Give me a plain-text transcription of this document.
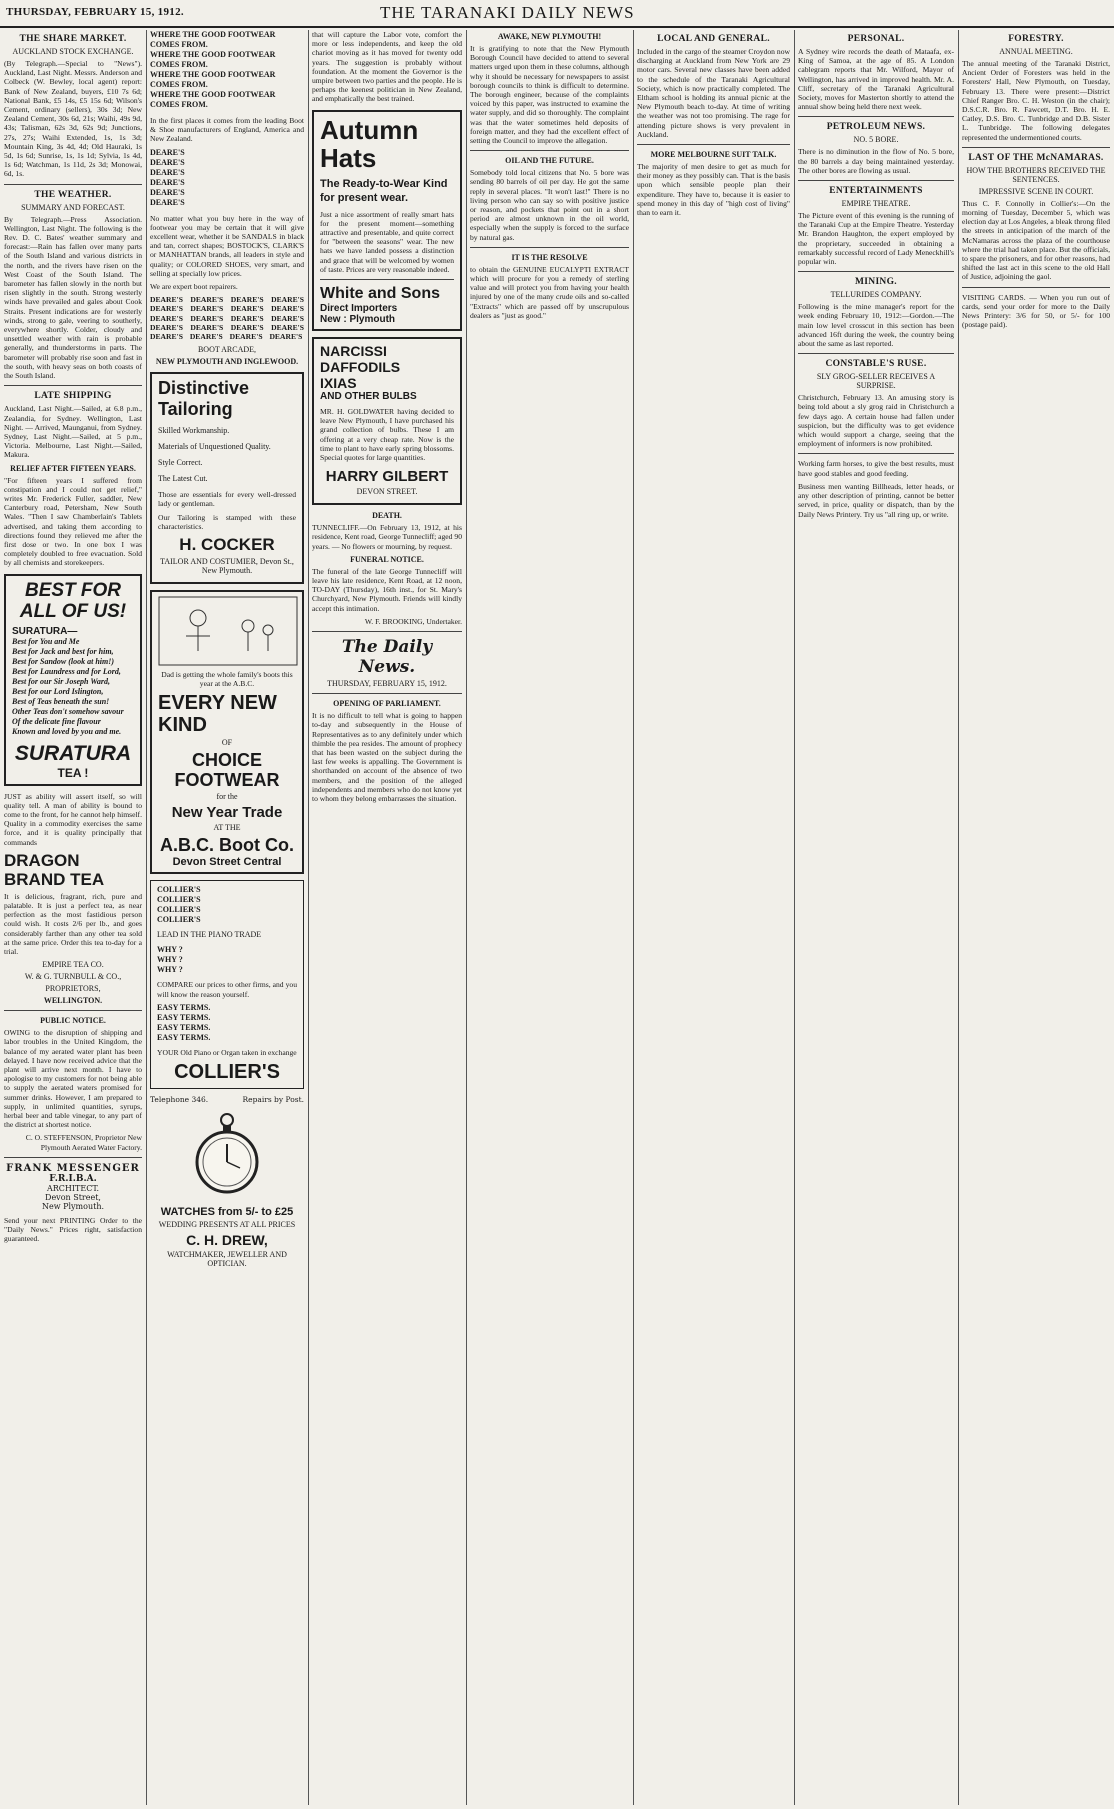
THURSDAY, FEBRUARY 15, 1912.	THE TARANAKI DAILY NEWS
THE SHARE MARKET.
AUCKLAND STOCK EXCHANGE.

(By Telegraph.—Special to "News"). Auckland, Last Night. Messrs. Anderson and Colbeck (W. Bewley, local agent) report: Bank of New Zealand, buyers, £10 7s 6d; National Bank, £5 14s, £5 15s 6d; Wilson's Cement, ordinary (sellers), 30s 3d; New Zealand Cement, 30s 6d, 21s; Waihi, 49s 9d, 43s; Talisman, 62s 3d, 62s 9d; Junctions, 27s, 27s; Waihi Extended, 1s, 1s 3d; Mountain King, 3s 4d, 4d; Old Hauraki, 1s 5d, 1s 6d; Sunrise, 1s, 1s 1d; Sylvia, 1s 4d, 1s 6d; Watchman, 1s 11d, 2s 3d; Monowai, 6d, 1s.

THE WEATHER.
SUMMARY AND FORECAST.

By Telegraph.—Press Association. Wellington, Last Night. The following is the Rev. D. C. Bates' weather summary and forecast:—Rain has fallen over many parts of the South Island and various districts in the north, and the rivers have risen on the West Coast of the South Island. The barometer has fallen slowly in the north but risen slightly in the south. Strong westerly winds have prevailed and gales about Cook Straits. Present indications are for westerly winds, strong to gale, veering to southerly, everywhere shortly. Colder, cloudy and unsettled weather with rain is probable generally, and thunderstorms in parts. The barometer will probably rise soon and fast in the south, with heavy seas on both coasts of the South Island.

LATE SHIPPING

Auckland, Last Night.—Sailed, at 6.8 p.m., Zealandia, for Sydney. Wellington, Last Night. — Arrived, Maunganui, from Sydney. Sydney, Last Night.—Sailed, at 5 p.m., Victoria. Melbourne, Last Night.—Sailed, Makura.

RELIEF AFTER FIFTEEN YEARS.

"For fifteen years I suffered from constipation and I could not get relief," writes Mr. Frederick Fuller, saddler, New Canterbury road, Petersham, New South Wales. "Then I saw Chamberlain's Tablets advertised, and taking them according to directions found they relieved me after the first dose or two. In one box I was completely doubled to free evacuation. Sold by all chemists and storekeepers.

BEST FOR ALL OF US!
SURATURA—
Best for You and Me
Best for Jack and best for him,
Best for Sandow (look at him!)
Best for Laundress and for Lord,
Best for our Sir Joseph Ward,
Best for our Lord Islington,
Best of Teas beneath the sun!
Other Teas don't somehow savour
Of the delicate fine flavour
Known and loved by you and me.
SURATURA
TEA !

JUST as ability will assert itself, so will quality tell. A man of ability is bound to come to the front, for he cannot help himself. Quality in a commodity exercises the same force, and it is quality principally that commands

DRAGON BRAND TEA

It is delicious, fragrant, rich, pure and palatable. It is just a perfect tea, as near perfection as the most fastidious person could wish. It costs 2/6 per lb., and goes considerably farther than any other tea sold at the same price. Order this tea to-day for a trial.

EMPIRE TEA CO.
W. & G. TURNBULL & CO.,
PROPRIETORS,
WELLINGTON.
PUBLIC NOTICE.

OWING to the disruption of shipping and labor troubles in the United Kingdom, the balance of my aerated water plant has been delayed. I have now received advice that the plant will arrive next month. I have to apologise to my customers for not being able to supply the aerated waters promised for summer drinks. However, I am prepared to supply, in unlimited quantities, syrups, herbal beer and table vinegar, to any part of the district at shortest notice.

C. O. STEFFENSON, Proprietor New Plymouth Aerated Water Factory.

FRANK MESSENGER
F.R.I.B.A.
ARCHITECT.
Devon Street,
New Plymouth.

Send your next PRINTING Order to the "Daily News." Prices right, satisfaction guaranteed.

WHERE THE GOOD FOOTWEAR COMES FROM.
WHERE THE GOOD FOOTWEAR COMES FROM.
WHERE THE GOOD FOOTWEAR COMES FROM.
WHERE THE GOOD FOOTWEAR COMES FROM.

In the first places it comes from the leading Boot & Shoe manufacturers of England, America and New Zealand.

DEARE'S
DEARE'S
DEARE'S
DEARE'S
DEARE'S
DEARE'S

No matter what you buy here in the way of footwear you may be certain that it will give excellent wear, whether it be SANDALS in black and tan, correct shapes; BOSTOCK'S, CLARK'S or MANHATTAN brands, all leaders in style and quality; or COLORED SHOES, very smart, and selling at specially low prices.

We are expert boot repairers.

DEARE'S DEARE'S DEARE'S DEARE'S DEARE'S DEARE'S DEARE'S DEARE'S DEARE'S DEARE'S DEARE'S DEARE'S DEARE'S DEARE'S DEARE'S DEARE'S DEARE'S DEARE'S DEARE'S DEARE'S

BOOT ARCADE,
NEW PLYMOUTH AND INGLEWOOD.
Distinctive Tailoring
Skilled Workmanship.
Materials of Unquestioned Quality.
Style Correct.
The Latest Cut.

Those are essentials for every well-dressed lady or gentleman.

Our Tailoring is stamped with these characteristics.

H. COCKER
TAILOR AND COSTUMIER, Devon St., New Plymouth.

Dad is getting the whole family's boots this year at the A.B.C.

EVERY NEW KIND
OF
CHOICE FOOTWEAR
for the
New Year Trade
AT THE
A.B.C. Boot Co.
Devon Street Central
COLLIER'S
COLLIER'S
COLLIER'S
COLLIER'S
LEAD IN THE PIANO TRADE
WHY ?
WHY ?
WHY ?

COMPARE our prices to other firms, and you will know the reason yourself.

EASY TERMS.
EASY TERMS.
EASY TERMS.
EASY TERMS.

YOUR Old Piano or Organ taken in exchange

COLLIER'S
Telephone 346.	Repairs by Post.
WATCHES from 5/- to £25
WEDDING PRESENTS AT ALL PRICES
C. H. DREW,
WATCHMAKER, JEWELLER AND OPTICIAN.

that will capture the Labor vote, comfort the more or less independents, and keep the old chariot moving as it has moved for twenty odd years. The suggestion is probably without foundation. At the moment the Governor is the umpire between two parties and the people. He is perhaps the keenest politician in New Zealand, and emphatically the best trained.

Autumn Hats
The Ready-to-Wear Kind for present wear.

Just a nice assortment of really smart hats for the present moment—something attractive and presentable, and quite correct for "between the seasons" wear. The new hats we have landed possess a distinction and grace that will be welcomed by women of taste. Prices are very reasonable indeed.

White and Sons
Direct Importers
New : Plymouth
NARCISSI
DAFFODILS
IXIAS
AND OTHER BULBS

MR. H. GOLDWATER having decided to leave New Plymouth, I have purchased his grand collection of bulbs. These I am offering at a very cheap rate. Now is the time to plant to have early spring blossoms. Special quotes for large quantities.

HARRY GILBERT
DEVON STREET.
DEATH.

TUNNECLIFF.—On February 13, 1912, at his residence, Kent road, George Tunnecliff; aged 90 years. — No flowers or mourning, by request.

FUNERAL NOTICE.

The funeral of the late George Tunnecliff will leave his late residence, Kent Road, at 12 noon, TO-DAY (Thursday), 16th inst., for St. Mary's Churchyard, New Plymouth. Friends will kindly accept this intimation.

W. F. BROOKING, Undertaker.

The Daily News.
THURSDAY, FEBRUARY 15, 1912.
OPENING OF PARLIAMENT.

It is no difficult to tell what is going to happen to-day and subsequently in the House of Representatives as to any definitely under which thimble the pea resides. The amount of prophecy that has been wasted on the subject during the last few weeks is appalling. The Government is shorthanded on account of the absence of two members, and the position of the alleged independents and members who do not know yet to whom they belong embarrasses the situation.

AWAKE, NEW PLYMOUTH!

It is gratifying to note that the New Plymouth Borough Council have decided to attend to several matters urged upon them in these columns, although why it should be necessary for newspapers to assist borough councils to think is difficult to determine. The borough engineer, because of the complaints voiced by this paper, was instructed to examine the water supply, and did so thoroughly. The complaint was that the water sometimes held deposits of foreign matter, and they had the excellent effect of setting the Council to improve the allegation.

OIL AND THE FUTURE.

Somebody told local citizens that No. 5 bore was sending 80 barrels of oil per day. He got the same reply in several places. "It won't last!" There is no living person who can say so with positive justice or reason, and pockets that point out in a short period are almost unknown in the oil world, especially when the supply is forced to the surface by natural gas.

IT IS THE RESOLVE

to obtain the GENUINE EUCALYPTI EXTRACT which will procure for you a remedy of sterling value and will protect you from having your health injured by one of the many crude oils and so-called "Extracts" which are passed off by unscrupulous dealers as "just as good."

LOCAL AND GENERAL.

Included in the cargo of the steamer Croydon now discharging at Auckland from New York are 29 motor cars. Several new classes have been added to the schedule of the Taranaki Agricultural Society, which is now practically completed. The Eltham school is holding its annual picnic at the New Plymouth beach to-day. At time of writing the weather was not too promising. The rage for attending picture shows is very prevalent in Auckland.

MORE MELBOURNE SUIT TALK.

The majority of men desire to get as much for their money as they possibly can. That is the basis upon which sensible people plan their expenditure. They have to, because it is easier to spend money in this day of "high cost of living" than to earn it.

PERSONAL.

A Sydney wire records the death of Mataafa, ex-King of Samoa, at the age of 85. A London cablegram reports that Mr. Wilford, Mayor of Wellington, has arrived in improved health. Mr. A. Cliff, secretary of the Taranaki Agricultural Society, moves for Masterton shortly to attend the annual show being held there next week.

PETROLEUM NEWS.
NO. 5 BORE.

There is no diminution in the flow of No. 5 bore, the 80 barrels a day being maintained yesterday. The other bores are flowing as usual.

ENTERTAINMENTS
EMPIRE THEATRE.

The Picture event of this evening is the running of the Taranaki Cup at the Empire Theatre. Yesterday Mr. Brandon Haughton, the expert employed by the proprietary, succeeded in obtaining a remarkably successful record of Lady Meneckhill's popular win.

MINING.
TELLURIDES COMPANY.

Following is the mine manager's report for the week ending February 10, 1912:—Gordon.—The main low level crosscut in this section has been advanced 16ft during the week, the country being about the same as last reported.

CONSTABLE'S RUSE.
SLY GROG-SELLER RECEIVES A SURPRISE.

Christchurch, February 13. An amusing story is being told about a sly grog raid in Christchurch a few days ago. A certain house had fallen under suspicion, but the difficulty was to get evidence which would support a charge, seeing that the employment of informers is now prohibited.

Working farm horses, to give the best results, must have good stables and good feeding.

Business men wanting Billheads, letter heads, or any other description of printing, cannot be better served, in price, quality or dispatch, than by the Daily News Printery. Try us "all ring up, or write.

FORESTRY.
ANNUAL MEETING.

The annual meeting of the Taranaki District, Ancient Order of Foresters was held in the Foresters' Hall, New Plymouth, on Tuesday, February 13. There were present:—District Chief Ranger Bro. C. H. Weston (in the chair); D.S.C.R. Bro. R. Fawcett, D.T. Bro. H. E. Catley, D.S. Bro. C. Tunbridge and D.B. Sister L. Tunbridge. The following delegates represented the undermentioned courts.

LAST OF THE McNAMARAS.
HOW THE BROTHERS RECEIVED THE SENTENCES.
IMPRESSIVE SCENE IN COURT.

Thus C. F. Connolly in Collier's:—On the morning of Tuesday, December 5, which was election day at Los Angeles, a bleak throng filed the streets in anticipation of the march of the McNamaras across the plaza of the courthouse where the trial had taken place. But the officials, to spare the prisoners, and for other reasons, had shifted the last act in this scene to the old Hall of Justice, adjoining the gaol.

VISITING CARDS. — When you run out of cards, send your order for more to the Daily News Printery: 3/6 for 50, or 5/- for 100 (postage paid).
